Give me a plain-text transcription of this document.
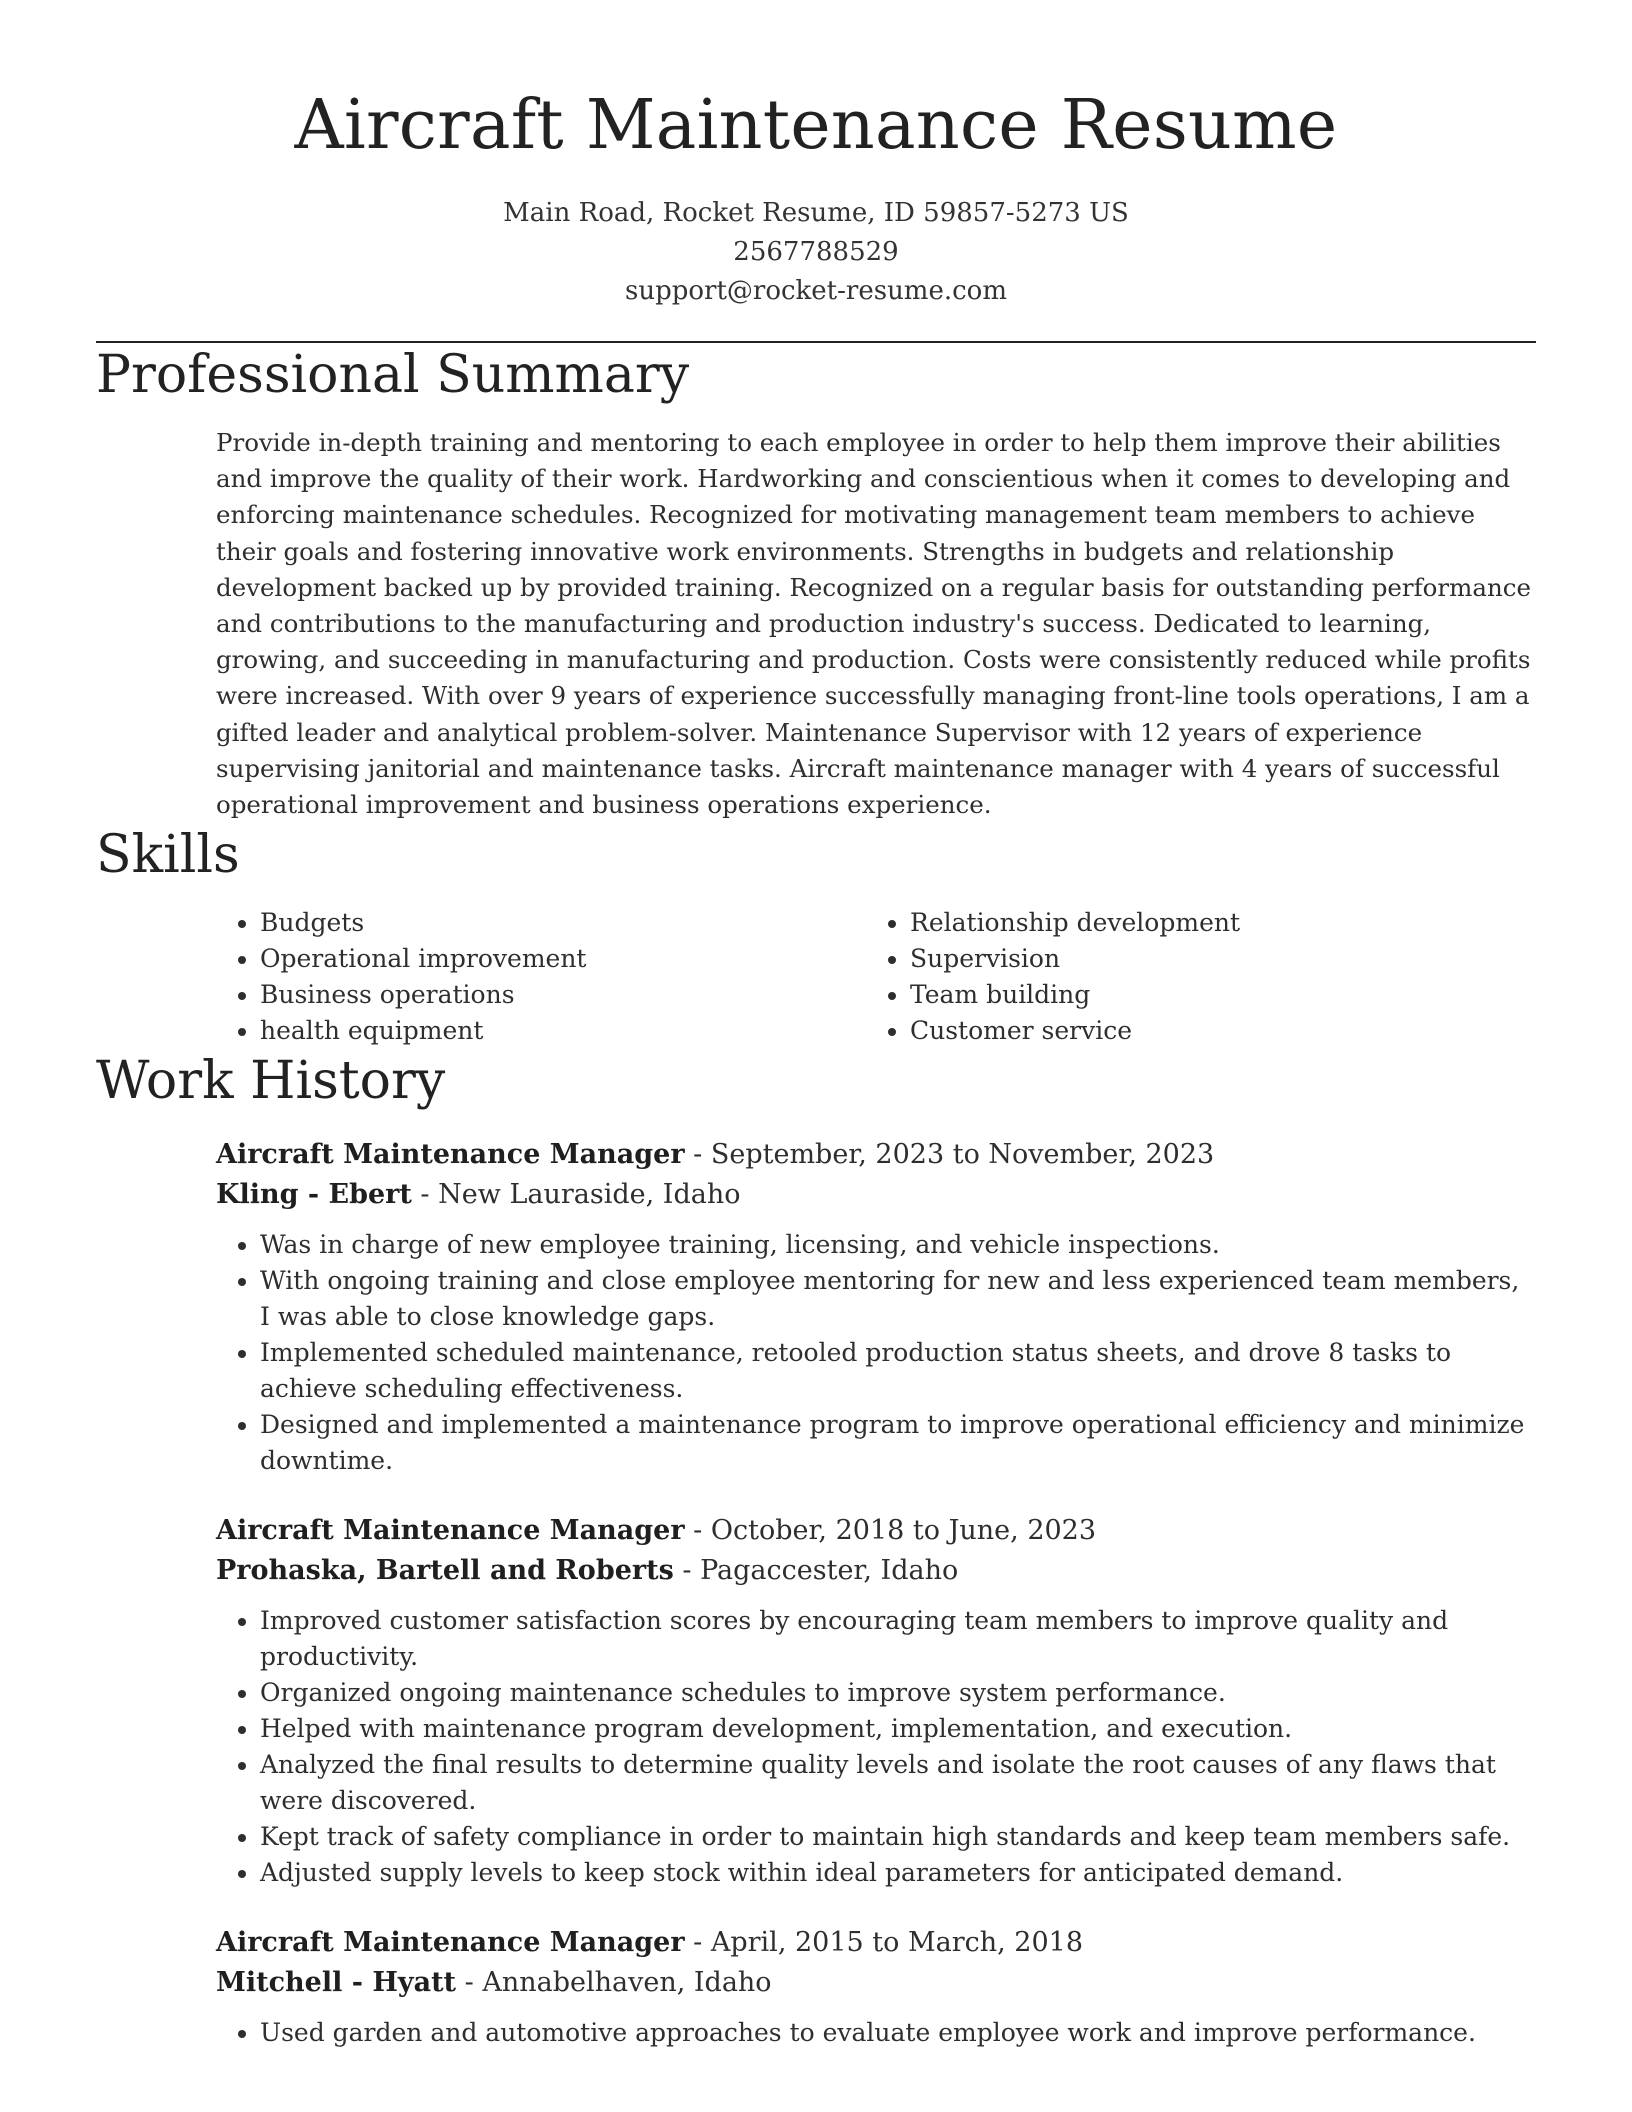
Aircraft Maintenance Resume
Main Road, Rocket Resume, ID 59857-5273 US
2567788529
support@rocket-resume.com
Professional Summary

Provide in-depth training and mentoring to each employee in order to help them improve their abilities and improve the quality of their work. Hardworking and conscientious when it comes to developing and enforcing maintenance schedules. Recognized for motivating management team members to achieve their goals and fostering innovative work environments. Strengths in budgets and relationship development backed up by provided training. Recognized on a regular basis for outstanding performance and contributions to the manufacturing and production industry's success. Dedicated to learning, growing, and succeeding in manufacturing and production. Costs were consistently reduced while profits were increased. With over 9 years of experience successfully managing front-line tools operations, I am a gifted leader and analytical problem-solver. Maintenance Supervisor with 12 years of experience supervising janitorial and maintenance tasks. Aircraft maintenance manager with 4 years of successful operational improvement and business operations experience.

Skills
• Budgets
• Operational improvement
• Business operations
• health equipment
• Relationship development
• Supervision
• Team building
• Customer service
Work History
Aircraft Maintenance Manager - September, 2023 to November, 2023
Kling - Ebert - New Lauraside, Idaho
• Was in charge of new employee training, licensing, and vehicle inspections.
• With ongoing training and close employee mentoring for new and less experienced team members, I was able to close knowledge gaps.
• Implemented scheduled maintenance, retooled production status sheets, and drove 8 tasks to achieve scheduling effectiveness.
• Designed and implemented a maintenance program to improve operational efficiency and minimize downtime.
Aircraft Maintenance Manager - October, 2018 to June, 2023
Prohaska, Bartell and Roberts - Pagaccester, Idaho
• Improved customer satisfaction scores by encouraging team members to improve quality and productivity.
• Organized ongoing maintenance schedules to improve system performance.
• Helped with maintenance program development, implementation, and execution.
• Analyzed the final results to determine quality levels and isolate the root causes of any flaws that were discovered.
• Kept track of safety compliance in order to maintain high standards and keep team members safe.
• Adjusted supply levels to keep stock within ideal parameters for anticipated demand.
Aircraft Maintenance Manager - April, 2015 to March, 2018
Mitchell - Hyatt - Annabelhaven, Idaho
• Used garden and automotive approaches to evaluate employee work and improve performance.
